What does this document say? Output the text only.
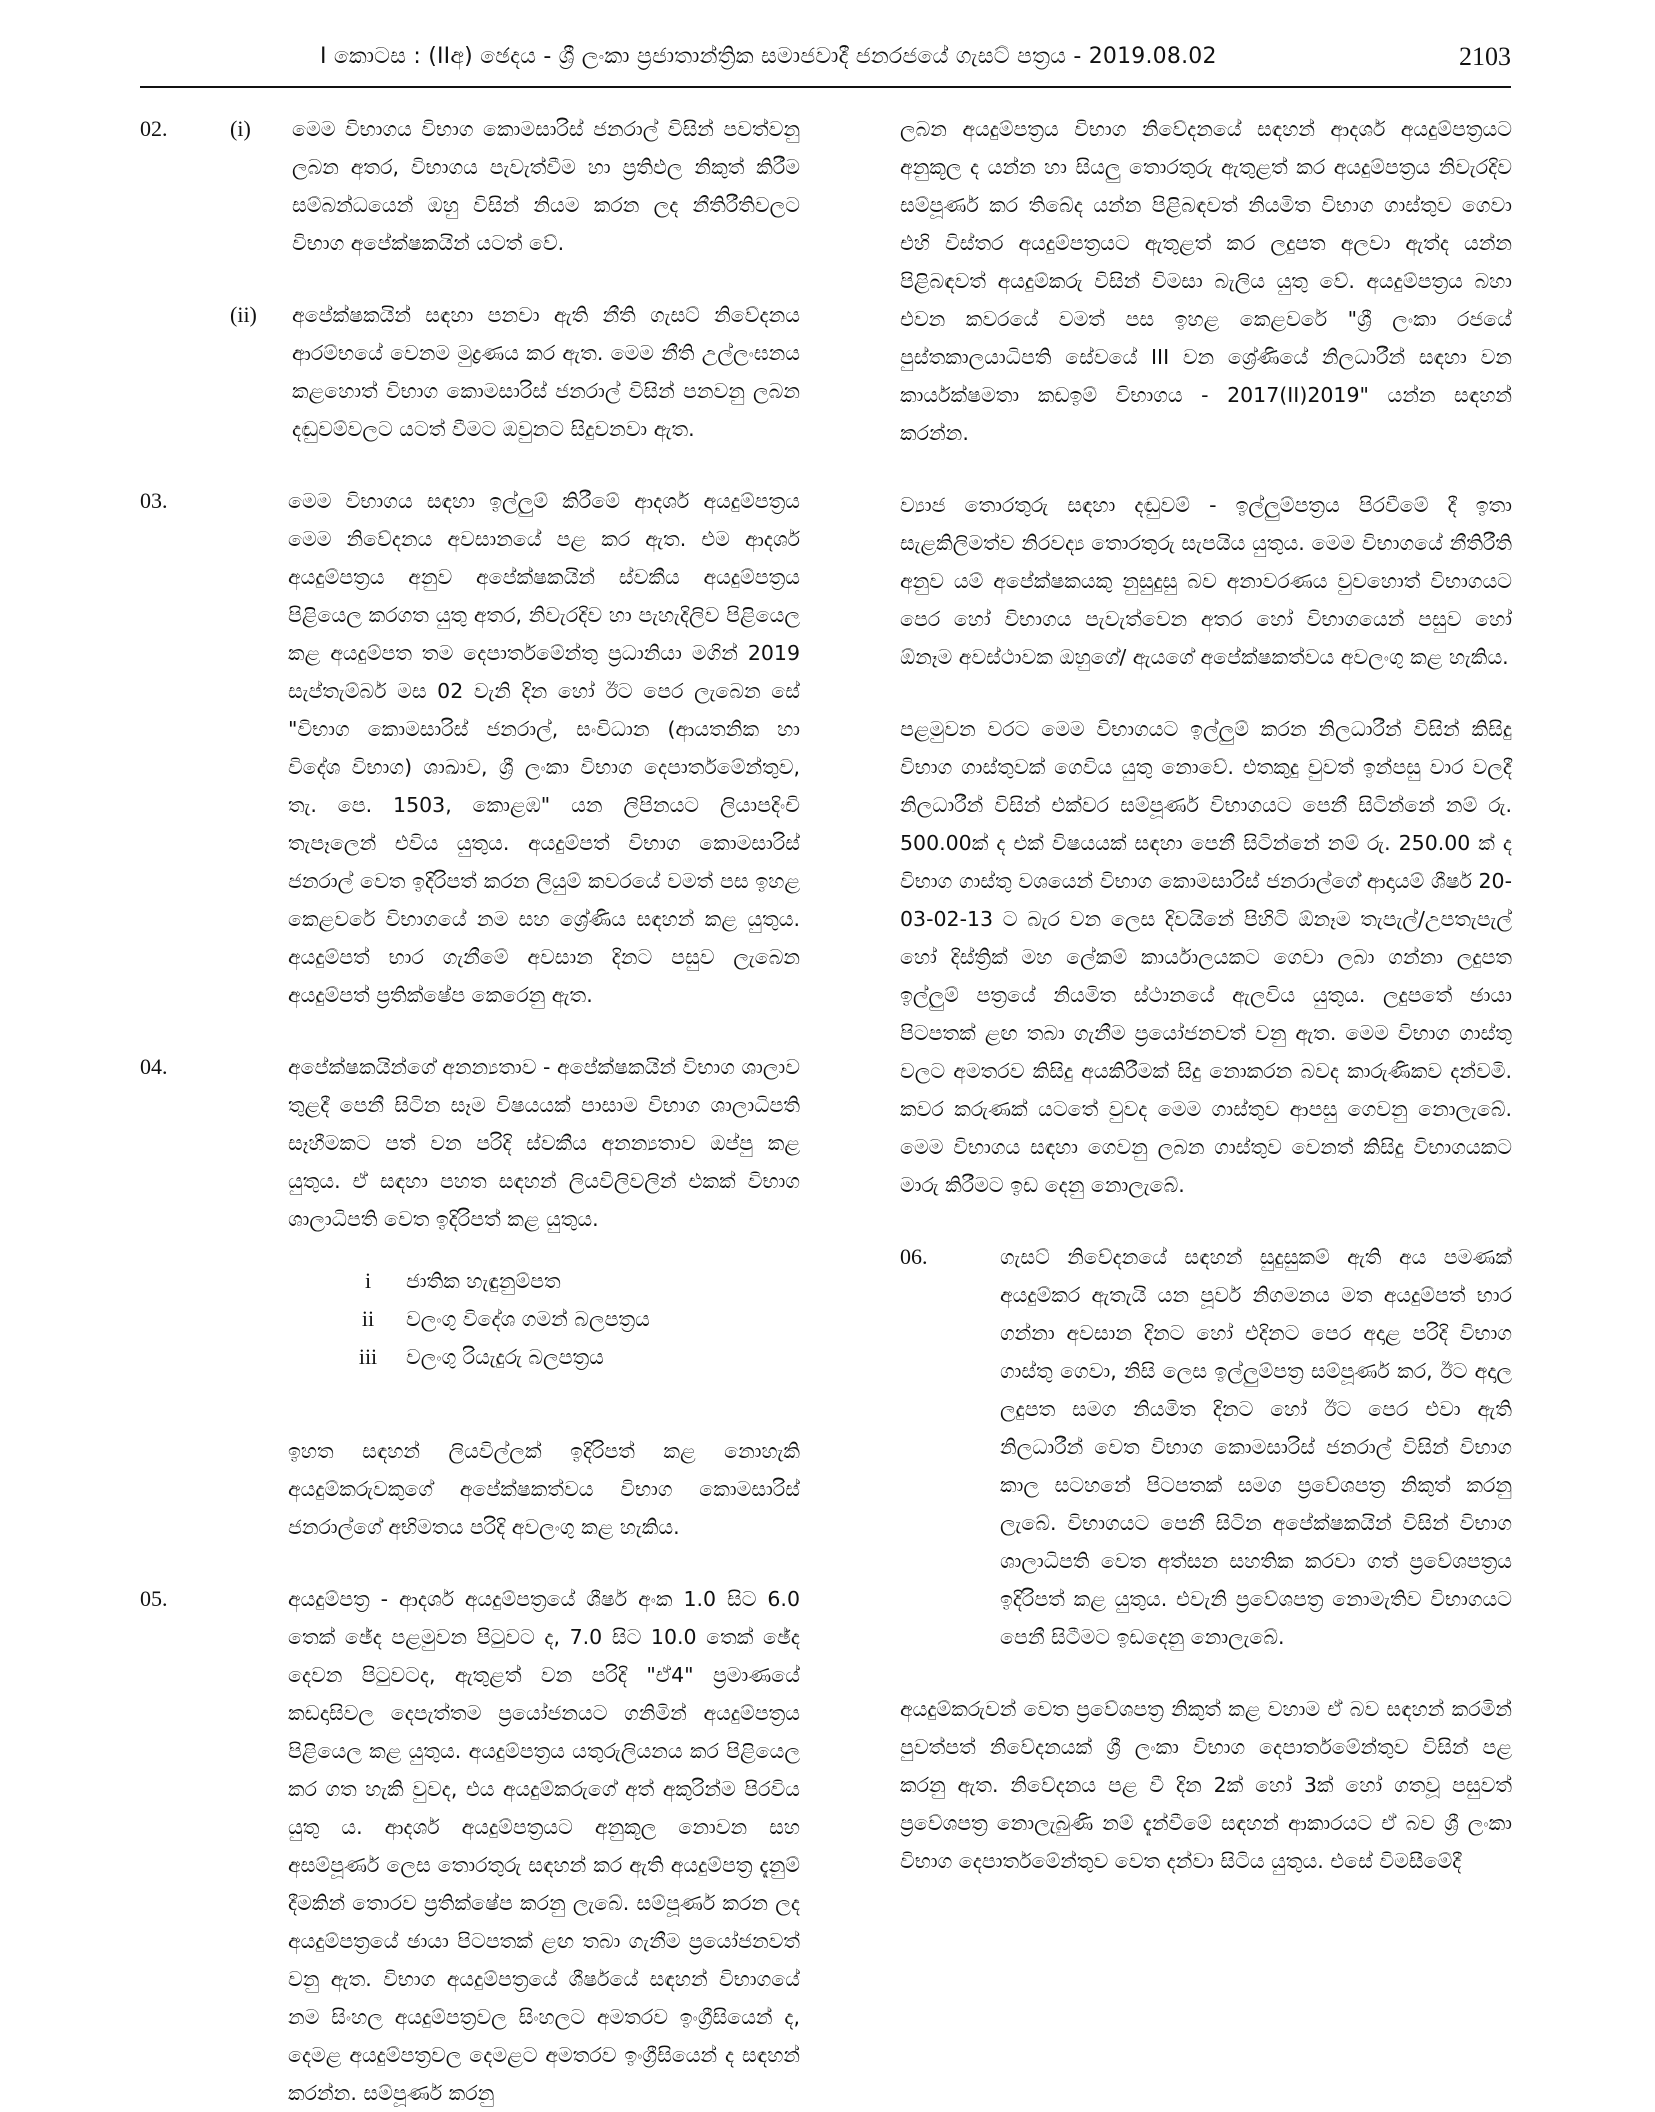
I කොටස : (IIඅ) ඡෙදය - ශ්‍රී ලංකා ප්‍රජාතාන්ත්‍රික සමාජවාදී ජනරජයේ ගැසට් පත්‍රය - 2019.08.02	2103
02.	(i) මෙම විභාගය විභාග කොමසාරිස් ජනරාල් විසින් පවත්වනු ලබන අතර, විභාගය පැවැත්වීම හා ප්‍රතිඵල නිකුත් කිරීම සම්බන්ධයෙන් ඔහු විසින් නියම කරන ලද නීතිරීතිවලට විභාග අපේක්ෂකයින් යටත් වේ.

(ii) අපේක්ෂකයින් සඳහා පනවා ඇති නීති ගැසට් නිවේදනය ආරම්භයේ වෙනම මුද්‍රණය කර ඇත. මෙම නීති උල්ලංඝනය කළහොත් විභාග කොමසාරිස් ජනරාල් විසින් පනවනු ලබන දඬුවම්වලට යටත් වීමට ඔවුනට සිදුවනවා ඇත.

03.	මෙම විභාගය සඳහා ඉල්ලුම් කිරීමේ ආදර්ශ අයදුම්පත්‍රය මෙම නිවේදනය අවසානයේ පළ කර ඇත. එම ආදර්ශ අයදුම්පත්‍රය අනුව අපේක්ෂකයින් ස්වකීය අයදුම්පත්‍රය පිළියෙල කරගත යුතු අතර, නිවැරදිව හා පැහැදිලිව පිළියෙල කළ අයදුම්පත තම දෙපාර්තමේන්තු ප්‍රධානියා මගින් 2019 සැප්තැම්බර් මස 02 වැනි දින හෝ ඊට පෙර ලැබෙන සේ "විභාග කොමසාරිස් ජනරාල්, සංවිධාන (ආයතනික හා විදේශ විභාග) ශාඛාව, ශ්‍රී ලංකා විභාග දෙපාර්තමේන්තුව, තැ. පෙ. 1503, කොළඹ" යන ලිපිනයට ලියාපදිංචි තැපෑලෙන් එවිය යුතුය. අයදුම්පත් විභාග කොමසාරිස් ජනරාල් වෙත ඉදිරිපත් කරන ලියුම් කවරයේ වමත් පස ඉහළ කෙළවරේ විභාගයේ නම සහ ශ්‍රේණිය සඳහන් කළ යුතුය. අයදුම්පත් භාර ගැනීමේ අවසාන දිනට පසුව ලැබෙන අයදුම්පත් ප්‍රතික්ෂේප කෙරෙනු ඇත.

04.	අපේක්ෂකයින්ගේ අනන්‍යතාව - අපේක්ෂකයින් විභාග ශාලාව තුළදී පෙනී සිටින සෑම විෂයයක් පාසාම විභාග ශාලාධිපති සෑහීමකට පත් වන පරිදි ස්වකීය අනන්‍යතාව ඔප්පු කළ යුතුය. ඒ සඳහා පහත සඳහන් ලියවිලිවලින් එකක් විභාග ශාලාධිපති වෙත ඉදිරිපත් කළ යුතුය.

i	ජාතික හැඳුනුම්පත
ii	වලංගු විදේශ ගමන් බලපත්‍රය
iii	වලංගු රියැදුරු බලපත්‍රය

ඉහත සඳහන් ලියවිල්ලක් ඉදිරිපත් කළ නොහැකි අයදුම්කරුවකුගේ අපේක්ෂකත්වය විභාග කොමසාරිස් ජනරාල්ගේ අභිමතය පරිදි අවලංගු කළ හැකිය.

05.	අයදුම්පත්‍ර - ආදර්ශ අයදුම්පත්‍රයේ ශීර්ෂ අංක 1.0 සිට 6.0 තෙක් ඡේද පළමුවන පිටුවට ද, 7.0 සිට 10.0 තෙක් ඡේද දෙවන පිටුවටද, ඇතුළත් වන පරිදි "ඒ4" ප්‍රමාණයේ කඩදාසිවල දෙපැත්තම ප්‍රයෝජනයට ගනිමින් අයදුම්පත්‍රය පිළියෙල කළ යුතුය. අයදුම්පත්‍රය යතුරුලියනය කර පිළියෙල කර ගත හැකි වුවද, එය අයදුම්කරුගේ අත් අකුරින්ම පිරවිය යුතු ය. ආදර්ශ අයදුම්පත්‍රයට අනුකූල නොවන සහ අසම්පූර්ණ ලෙස තොරතුරු සඳහන් කර ඇති අයදුම්පත්‍ර දැනුම් දීමකින් තොරව ප්‍රතික්ෂේප කරනු ලැබේ. සම්පූර්ණ කරන ලද අයදුම්පත්‍රයේ ඡායා පිටපතක් ළඟ තබා ගැනීම ප්‍රයෝජනවත් වනු ඇත. විභාග අයදුම්පත්‍රයේ ශීර්ෂයේ සඳහන් විභාගයේ නම සිංහල අයදුම්පත්‍රවල සිංහලට අමතරව ඉංග්‍රීසියෙන් ද, දෙමළ අයදුම්පත්‍රවල දෙමළට අමතරව ඉංග්‍රීසියෙන් ද සඳහන් කරන්න. සම්පූර්ණ කරනු

ලබන අයදුම්පත්‍රය විභාග නිවේදනයේ සඳහන් ආදර්ශ අයදුම්පත්‍රයට අනුකූල ද යන්න හා සියලු තොරතුරු ඇතුළත් කර අයදුම්පත්‍රය නිවැරදිව සම්පූර්ණ කර තිබේද යන්න පිළිබඳවත් නියමිත විභාග ගාස්තුව ගෙවා එහි විස්තර අයදුම්පත්‍රයට ඇතුළත් කර ලදුපත අලවා ඇත්ද යන්න පිළිබඳවත් අයදුම්කරු විසින් විමසා බැලිය යුතු වේ. අයදුම්පත්‍රය බහා එවන කවරයේ වමත් පස ඉහළ කෙළවරේ "ශ්‍රී ලංකා රජයේ පුස්තකාලයාධිපති සේවයේ III වන ශ්‍රේණියේ නිලධාරීන් සඳහා වන කාර්යක්ෂමතා කඩඉම් විභාගය - 2017(II)2019" යන්න සඳහන් කරන්න.

ව්‍යාජ තොරතුරු සඳහා දඬුවම් - ඉල්ලුම්පත්‍රය පිරවීමේ දී ඉතා සැළකිලිමත්ව නිරවද්‍ය තොරතුරු සැපයිය යුතුය. මෙම විභාගයේ නීතිරීති අනුව යම් අපේක්ෂකයකු නුසුදුසු බව අනාවරණය වුවහොත් විභාගයට පෙර හෝ විභාගය පැවැත්වෙන අතර හෝ විභාගයෙන් පසුව හෝ ඕනෑම අවස්ථාවක ඔහුගේ/ ඇයගේ අපේක්ෂකත්වය අවලංගු කළ හැකිය.

පළමුවන වරට මෙම විභාගයට ඉල්ලුම් කරන නිලධාරීන් විසින් කිසිදු විභාග ගාස්තුවක් ගෙවිය යුතු නොවේ. එතකුදු වුවත් ඉන්පසු වාර වලදී නිලධාරීන් විසින් එක්වර සම්පූර්ණ විභාගයට පෙනී සිටින්නේ නම් රු. 500.00ක් ද එක් විෂයයක් සඳහා පෙනී සිටින්නේ නම් රු. 250.00 ක් ද විභාග ගාස්තු වශයෙන් විභාග කොමසාරිස් ජනරාල්ගේ ආදායම් ශීර්ෂ 20-03-02-13 ට බැර වන ලෙස දිවයිනේ පිහිටි ඕනෑම තැපැල්/උපතැපැල් හෝ දිස්ත්‍රික් මහ ලේකම් කාර්යාලයකට ගෙවා ලබා ගන්නා ලදුපත ඉල්ලුම් පත්‍රයේ නියමිත ස්ථානයේ ඇලවිය යුතුය. ලදුපතේ ඡායා පිටපතක් ළඟ තබා ගැනීම ප්‍රයෝජනවත් වනු ඇත. මෙම විභාග ගාස්තු වලට අමතරව කිසිදු අයකිරීමක් සිදු නොකරන බවද කාරුණිකව දන්වමි. කවර කරුණක් යටතේ වුවද මෙම ගාස්තුව ආපසු ගෙවනු නොලැබේ. මෙම විභාගය සඳහා ගෙවනු ලබන ගාස්තුව වෙනත් කිසිදු විභාගයකට මාරු කිරීමට ඉඩ දෙනු නොලැබේ.

06.	ගැසට් නිවේදනයේ සඳහන් සුදුසුකම් ඇති අය පමණක් අයදුම්කර ඇතැයි යන පූර්ව නිගමනය මත අයදුම්පත් භාර ගන්නා අවසාන දිනට හෝ එදිනට පෙර අදාළ පරිදි විභාග ගාස්තු ගෙවා, නිසි ලෙස ඉල්ලුම්පත්‍ර සම්පූර්ණ කර, ඊට අදාල ලදුපත සමග නියමිත දිනට හෝ ඊට පෙර එවා ඇති නිලධාරීන් වෙත විභාග කොමසාරිස් ජනරාල් විසින් විභාග කාල සටහනේ පිටපතක් සමග ප්‍රවේශපත්‍ර නිකුත් කරනු ලැබේ. විභාගයට පෙනී සිටින අපේක්ෂකයින් විසින් විභාග ශාලාධිපති වෙත අත්සන සහතික කරවා ගත් ප්‍රවේශපත්‍රය ඉදිරිපත් කළ යුතුය. එවැනි ප්‍රවේශපත්‍ර නොමැතිව විභාගයට පෙනී සිටීමට ඉඩදෙනු නොලැබේ.

අයදුම්කරුවන් වෙත ප්‍රවේශපත්‍ර නිකුත් කළ වහාම ඒ බව සඳහන් කරමින් පුවත්පත් නිවේදනයක් ශ්‍රී ලංකා විභාග දෙපාර්තමේන්තුව විසින් පළ කරනු ඇත. නිවේදනය පළ වී දින 2ක් හෝ 3ක් හෝ ගතවූ පසුවත් ප්‍රවේශපත්‍ර නොලැබුණි නම් දැන්වීමේ සඳහන් ආකාරයට ඒ බව ශ්‍රී ලංකා විභාග දෙපාර්තමේන්තුව වෙත දන්වා සිටිය යුතුය. එසේ විමසීමේදී
